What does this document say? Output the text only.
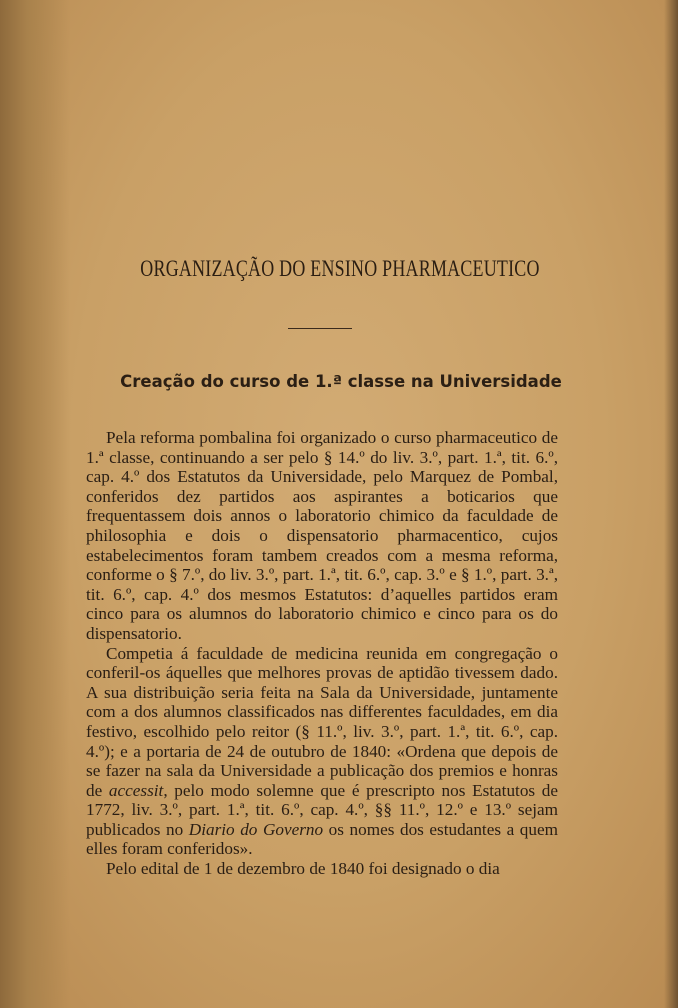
ORGANIZAÇÃO DO ENSINO PHARMACEUTICO
Creação do curso de 1.ª classe na Universidade

Pela reforma pombalina foi organizado o curso pharmaceutico de 1.ª classe, continuando a ser pelo § 14.º do liv. 3.º, part. 1.ª, tit. 6.º, cap. 4.º dos Estatutos da Universidade, pelo Marquez de Pombal, conferidos dez partidos aos aspirantes a boticarios que frequentassem dois annos o laboratorio chimico da faculdade de philosophia e dois o dispensatorio pharmacentico, cujos estabelecimentos foram tambem creados com a mesma reforma, conforme o § 7.º, do liv. 3.º, part. 1.ª, tit. 6.º, cap. 3.º e § 1.º, part. 3.ª, tit. 6.º, cap. 4.º dos mesmos Estatutos: d’aquelles partidos eram cinco para os alumnos do laboratorio chimico e cinco para os do dispensatorio.

Competia á faculdade de medicina reunida em congregação o conferil-os áquelles que melhores provas de aptidão tivessem dado. A sua distribuição seria feita na Sala da Universidade, juntamente com a dos alumnos classificados nas differentes faculdades, em dia festivo, escolhido pelo reitor (§ 11.º, liv. 3.º, part. 1.ª, tit. 6.º, cap. 4.º); e a portaria de 24 de outubro de 1840: «Ordena que depois de se fazer na sala da Universidade a publicação dos premios e honras de accessit, pelo modo solemne que é prescripto nos Estatutos de 1772, liv. 3.º, part. 1.ª, tit. 6.º, cap. 4.º, §§ 11.º, 12.º e 13.º sejam publicados no Diario do Governo os nomes dos estudantes a quem elles foram conferidos».

Pelo edital de 1 de dezembro de 1840 foi designado o dia
